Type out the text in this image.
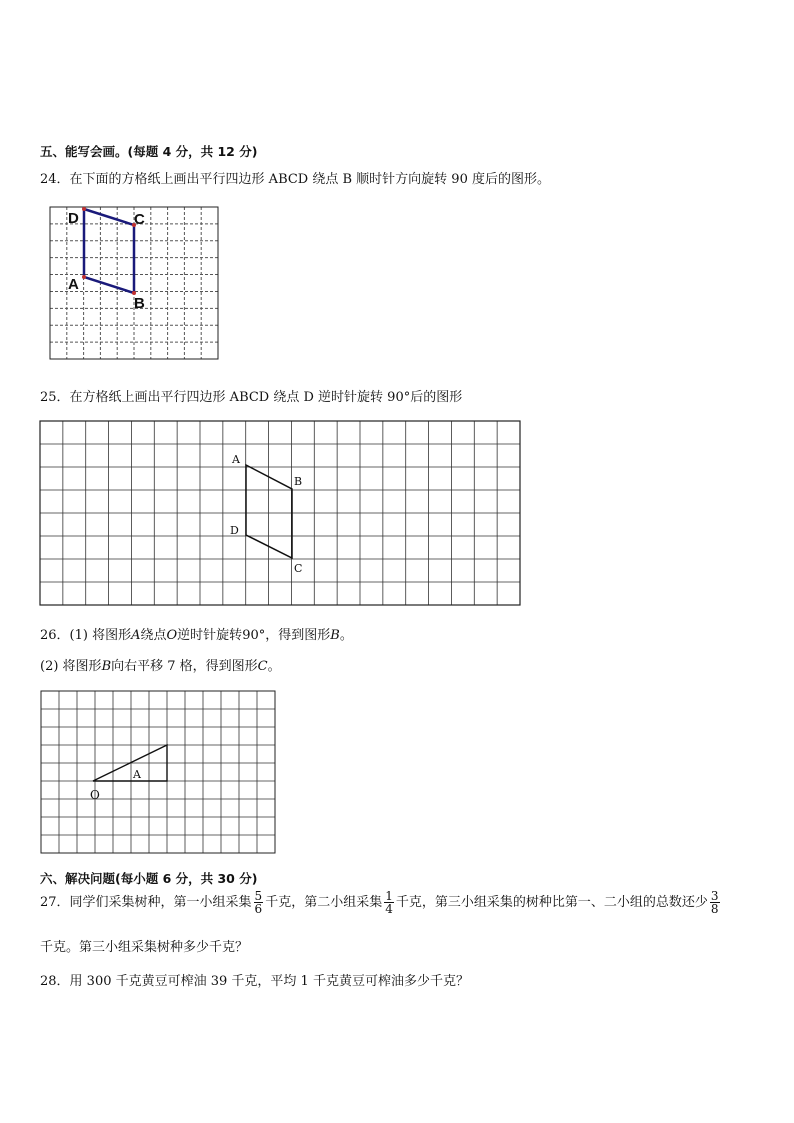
五、能写会画。(每题 4 分，共 12 分)
24．在下面的方格纸上画出平行四边形 ABCD 绕点 B 顺时针方向旋转 90 度后的图形。
D	C
A
B
25．在方格纸上画出平行四边形 ABCD 绕点 D 逆时针旋转 90°后的图形
A
B
D
C
26．(1) 将图形A绕点O逆时针旋转90°，得到图形B。
(2) 将图形B向右平移 7 格，得到图形C。
A
O
六、解决问题(每小题 6 分，共 30 分)
27．同学们采集树种，第一小组采集 $\frac{5}{6}$ 千克，第二小组采集 $\frac{1}{4}$ 千克，第三小组采集的树种比第一、二小组的总数还少 $\frac{3}{8}$
千克。第三小组采集树种多少千克？
28．用 300 千克黄豆可榨油 39 千克，平均 1 千克黄豆可榨油多少千克？
